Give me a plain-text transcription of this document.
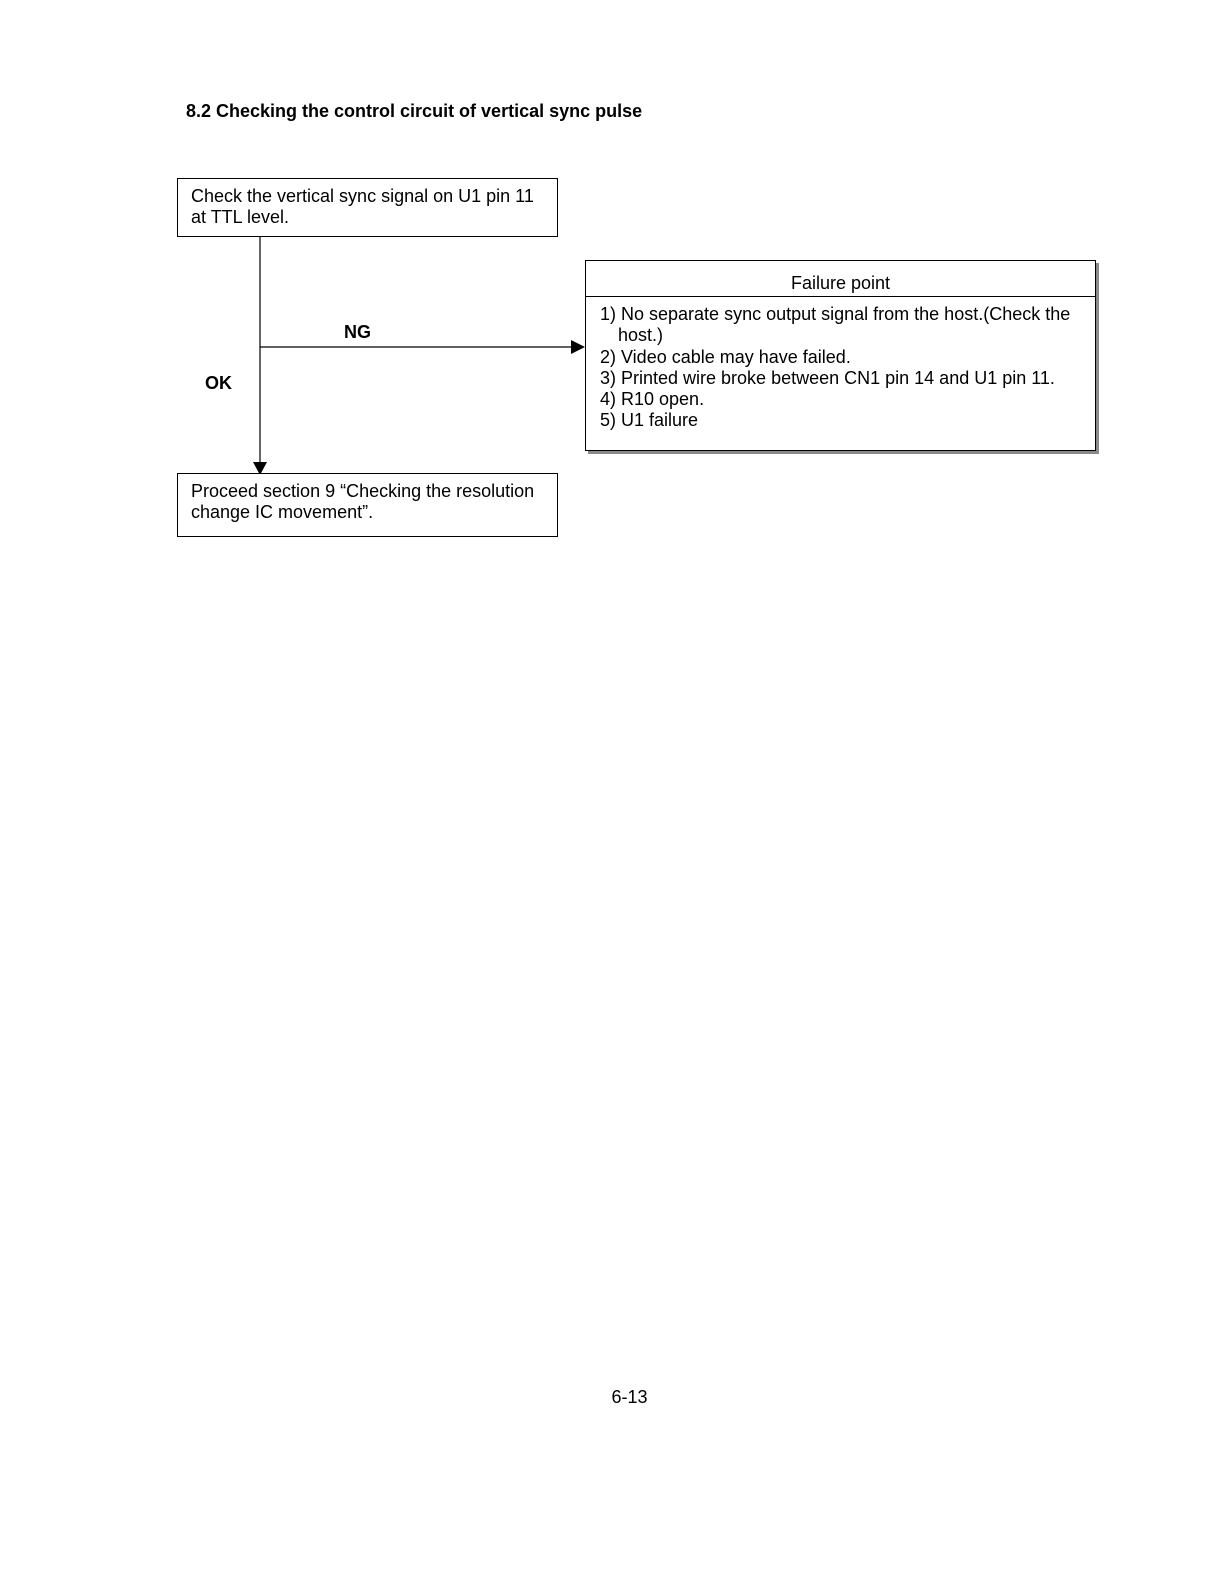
8.2 Checking the control circuit of vertical sync pulse
Check the vertical sync signal on U1 pin 11 at TTL level.
NG
OK
Failure point
1) No separate sync output signal from the host.(Check the host.)
2) Video cable may have failed.
3) Printed wire broke between CN1 pin 14 and U1 pin 11.
4) R10 open.
5) U1 failure
Proceed section 9 “Checking the resolution change IC movement”.
6-13
